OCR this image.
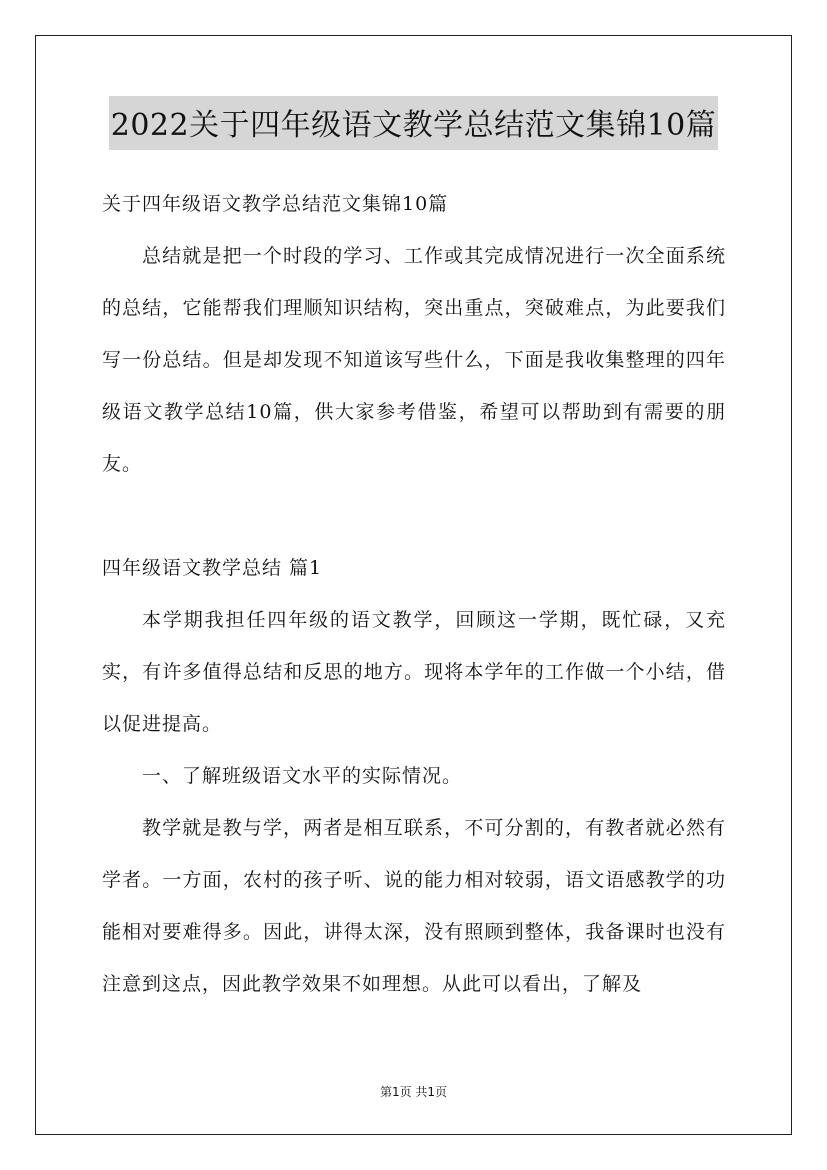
2022关于四年级语文教学总结范文集锦10篇

关于四年级语文教学总结范文集锦10篇

总结就是把一个时段的学习、工作或其完成情况进行一次全面系统的总结，它能帮我们理顺知识结构，突出重点，突破难点，为此要我们写一份总结。但是却发现不知道该写些什么，下面是我收集整理的四年级语文教学总结10篇，供大家参考借鉴，希望可以帮助到有需要的朋友。

四年级语文教学总结 篇1

本学期我担任四年级的语文教学，回顾这一学期，既忙碌，又充实，有许多值得总结和反思的地方。现将本学年的工作做一个小结，借以促进提高。

一、了解班级语文水平的实际情况。

教学就是教与学，两者是相互联系，不可分割的，有教者就必然有学者。一方面，农村的孩子听、说的能力相对较弱，语文语感教学的功能相对要难得多。因此，讲得太深，没有照顾到整体，我备课时也没有注意到这点，因此教学效果不如理想。从此可以看出，了解及

第1页 共1页
